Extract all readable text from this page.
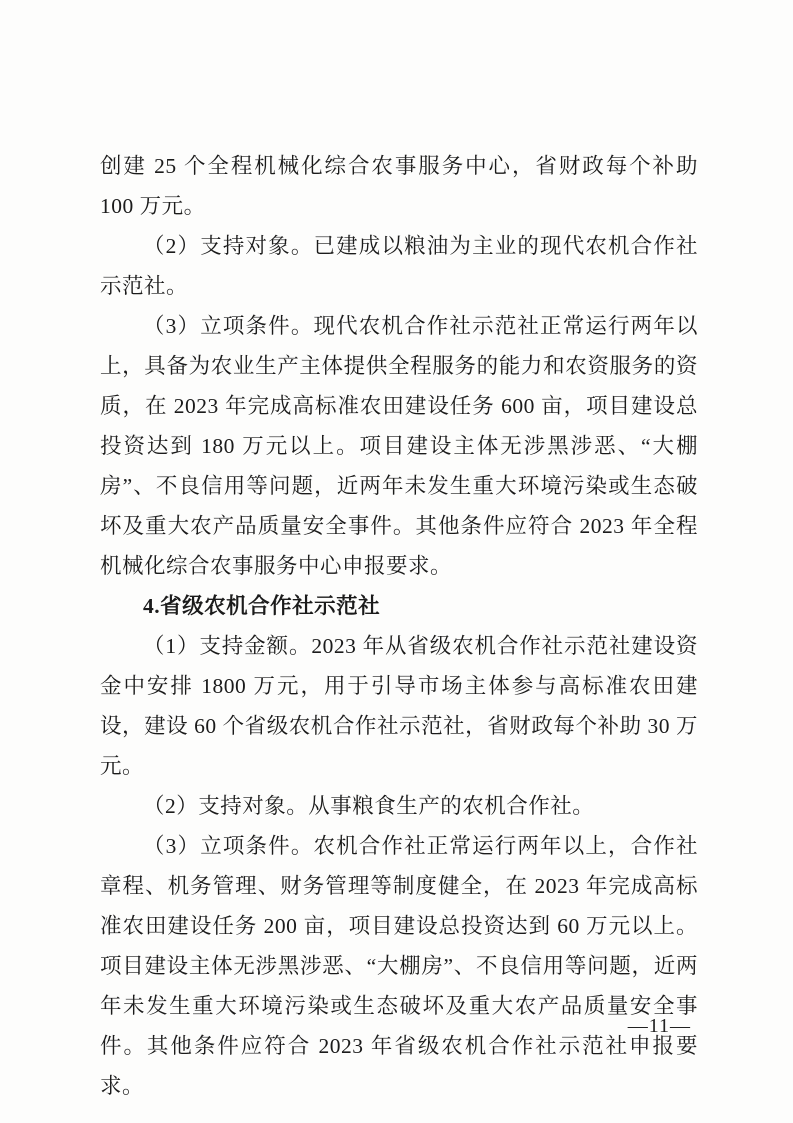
创建 25 个全程机械化综合农事服务中心，省财政每个补助 100 万元。

（2）支持对象。已建成以粮油为主业的现代农机合作社示范社。

（3）立项条件。现代农机合作社示范社正常运行两年以上，具备为农业生产主体提供全程服务的能力和农资服务的资质，在 2023 年完成高标准农田建设任务 600 亩，项目建设总投资达到 180 万元以上。项目建设主体无涉黑涉恶、“大棚房”、不良信用等问题，近两年未发生重大环境污染或生态破坏及重大农产品质量安全事件。其他条件应符合 2023 年全程机械化综合农事服务中心申报要求。

4.省级农机合作社示范社

（1）支持金额。2023 年从省级农机合作社示范社建设资金中安排 1800 万元，用于引导市场主体参与高标准农田建设，建设 60 个省级农机合作社示范社，省财政每个补助 30 万元。

（2）支持对象。从事粮食生产的农机合作社。

（3）立项条件。农机合作社正常运行两年以上，合作社章程、机务管理、财务管理等制度健全，在 2023 年完成高标准农田建设任务 200 亩，项目建设总投资达到 60 万元以上。项目建设主体无涉黑涉恶、“大棚房”、不良信用等问题，近两年未发生重大环境污染或生态破坏及重大农产品质量安全事件。其他条件应符合 2023 年省级农机合作社示范社申报要求。

—11—
